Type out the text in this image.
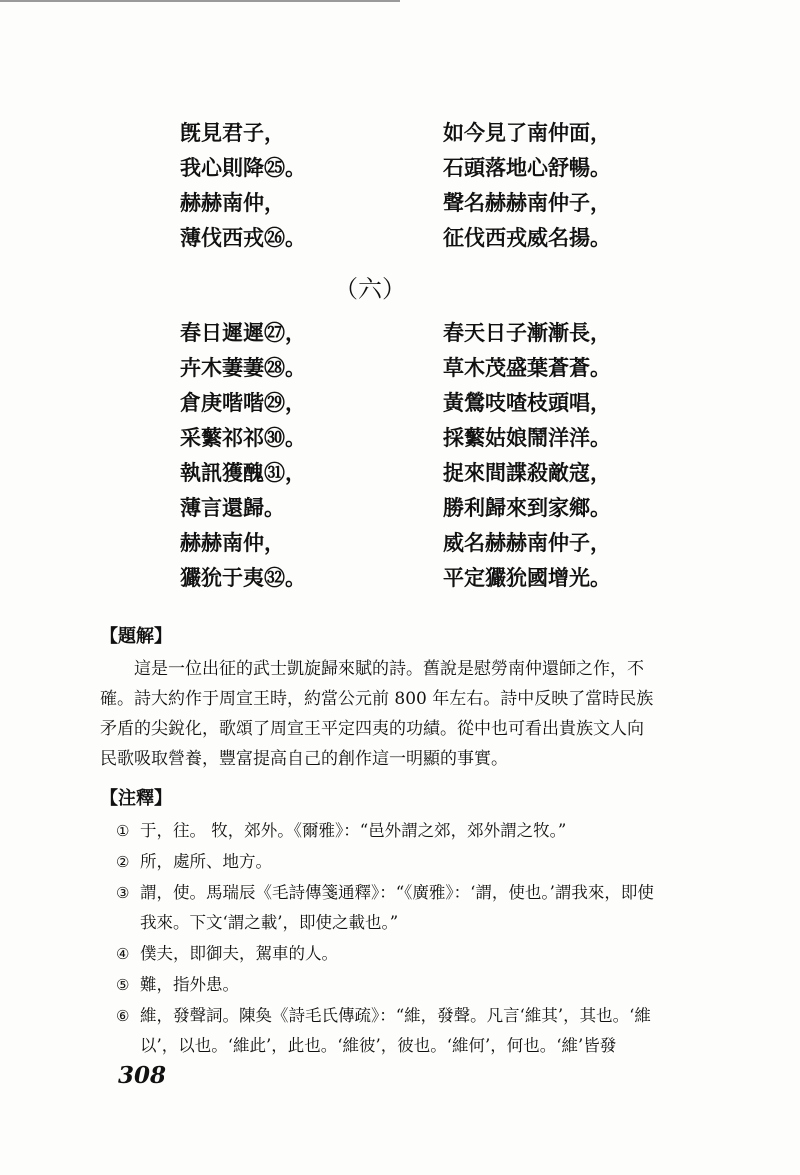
旣見君子，	如今見了南仲面，
我心則降㉕。	石頭落地心舒暢。
赫赫南仲，	聲名赫赫南仲子，
薄伐西戎㉖。	征伐西戎威名揚。
（六）
春日遲遲㉗，	春天日子漸漸長，
卉木萋萋㉘。	草木茂盛葉蒼蒼。
倉庚喈喈㉙，	黃鶯吱喳枝頭唱，
采蘩祁祁㉚。	採蘩姑娘鬧洋洋。
執訊獲醜㉛，	捉來間諜殺敵寇，
薄言還歸。	勝利歸來到家鄉。
赫赫南仲，	威名赫赫南仲子，
玁狁于夷㉜。	平定玁狁國增光。
【題解】
這是一位出征的武士凱旋歸來賦的詩。舊說是慰勞南仲還師之作，不
確。詩大約作于周宣王時，約當公元前 800 年左右。詩中反映了當時民族
矛盾的尖銳化，歌頌了周宣王平定四夷的功績。從中也可看出貴族文人向
民歌吸取營養，豐富提高自己的創作這一明顯的事實。
【注釋】
① 于，往。 牧，郊外。《爾雅》：“邑外謂之郊，郊外謂之牧。”
② 所，處所、地方。
③ 謂，使。馬瑞辰《毛詩傳箋通釋》：“《廣雅》：‘謂，使也。’謂我來，即使
我來。下文‘謂之載’，即使之載也。”
④ 僕夫，即御夫，駕車的人。
⑤ 難，指外患。
⑥ 維，發聲詞。陳奐《詩毛氏傳疏》：“維，發聲。凡言‘維其’，其也。‘維
以’，以也。‘維此’，此也。‘維彼’，彼也。‘維何’，何也。‘維’皆發
308
